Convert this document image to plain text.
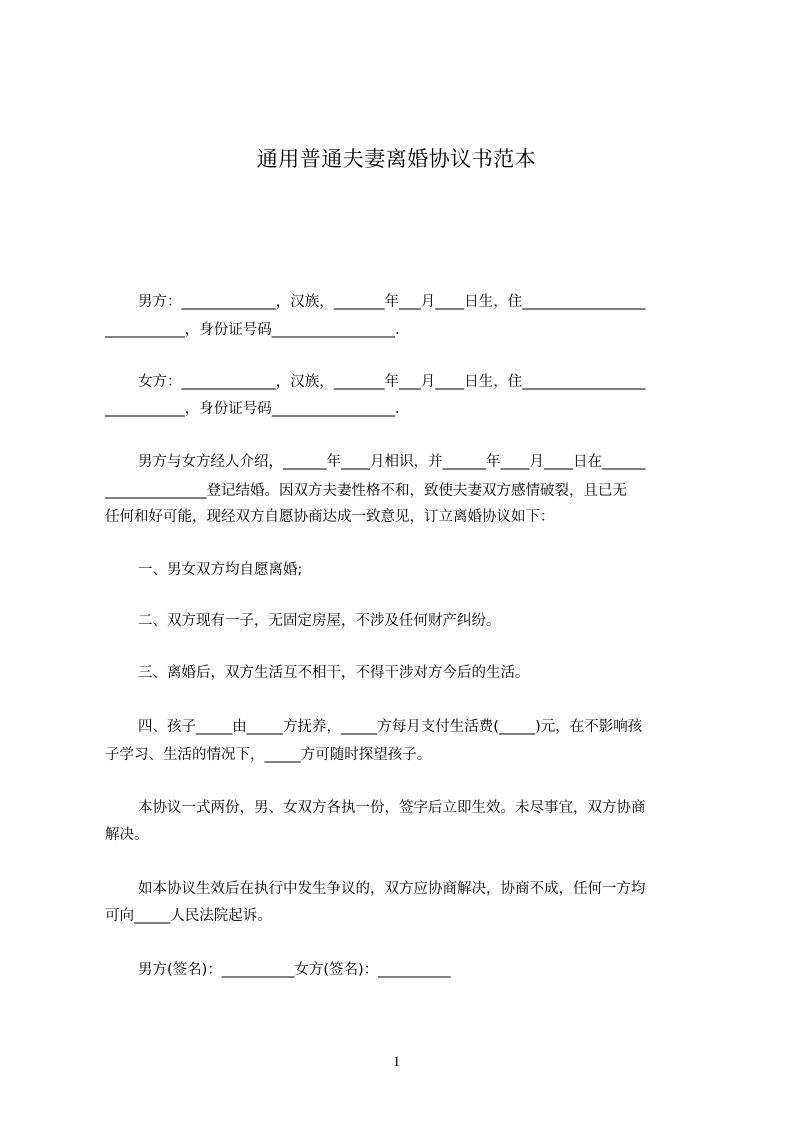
通用普通夫妻离婚协议书范本

男方：_____________，汉族，_______年___月____日生，住_________________

___________，身份证号码_________________.

女方：_____________，汉族，_______年___月____日生，住_________________

___________，身份证号码_________________.

男方与女方经人介绍，______年____月相识，并______年____月____日在______

______________登记结婚。因双方夫妻性格不和，致使夫妻双方感情破裂，且已无

任何和好可能，现经双方自愿协商达成一致意见，订立离婚协议如下：

一、男女双方均自愿离婚;

二、双方现有一子，无固定房屋，不涉及任何财产纠纷。

三、离婚后，双方生活互不相干，不得干涉对方今后的生活。

四、孩子_____由_____方抚养，_____方每月支付生活费(_____)元，在不影响孩

子学习、生活的情况下，_____方可随时探望孩子。

本协议一式两份，男、女双方各执一份，签字后立即生效。未尽事宜，双方协商

解决。

如本协议生效后在执行中发生争议的，双方应协商解决，协商不成，任何一方均

可向_____人民法院起诉。

男方(签名)：__________女方(签名)：__________

1
